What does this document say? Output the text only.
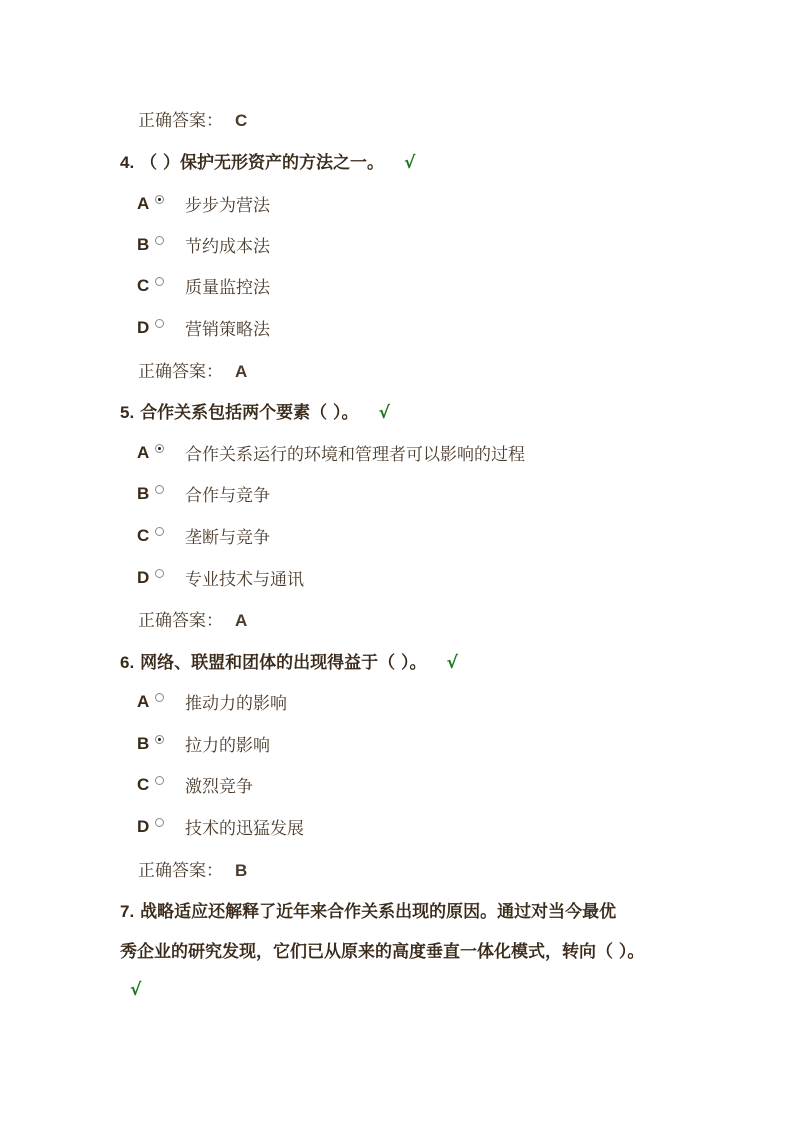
正确答案： C
4. （ ）保护无形资产的方法之一。 √
A 步步为营法
B 节约成本法
C 质量监控法
D 营销策略法
正确答案： A
5. 合作关系包括两个要素（ ）。 √
A 合作关系运行的环境和管理者可以影响的过程
B 合作与竞争
C 垄断与竞争
D 专业技术与通讯
正确答案： A
6. 网络、联盟和团体的出现得益于（ ）。 √
A 推动力的影响
B 拉力的影响
C 激烈竞争
D 技术的迅猛发展
正确答案： B
7. 战略适应还解释了近年来合作关系出现的原因。通过对当今最优
秀企业的研究发现，它们已从原来的高度垂直一体化模式，转向（ ）。
√
